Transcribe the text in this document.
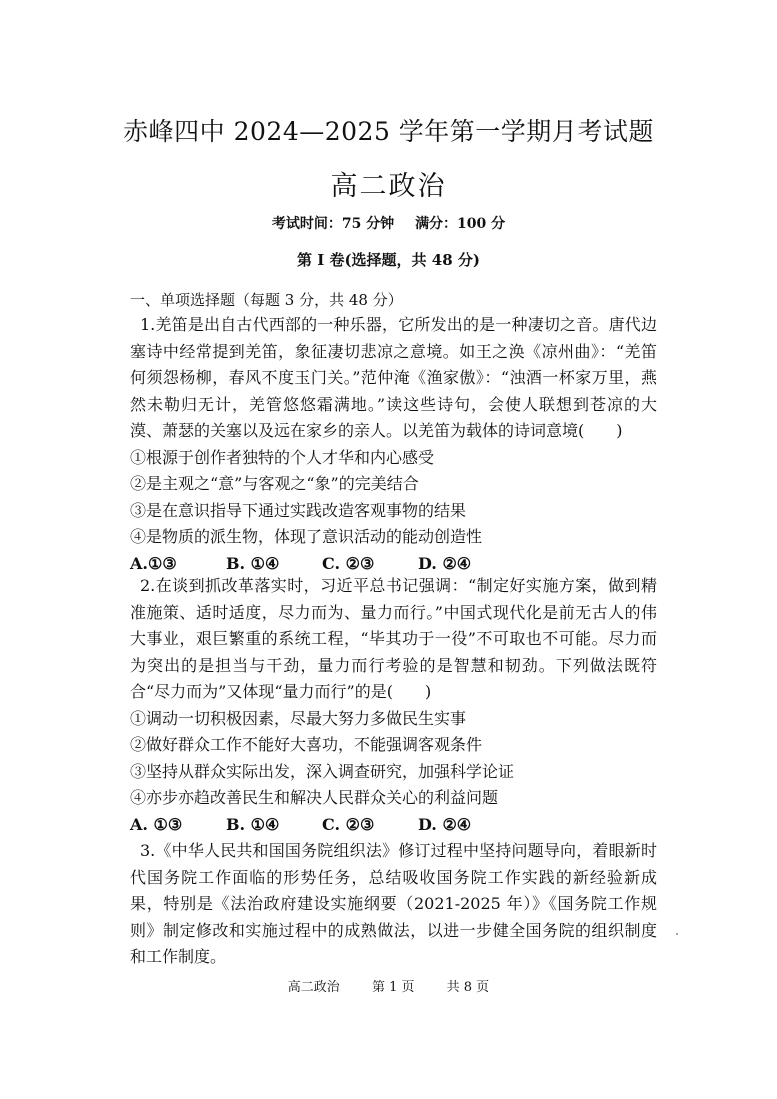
赤峰四中 2024—2025 学年第一学期月考试题
高二政治
考试时间：75 分钟 满分：100 分
第 I 卷(选择题，共 48 分)
一、单项选择题（每题 3 分，共 48 分）

1.羌笛是出自古代西部的一种乐器，它所发出的是一种凄切之音。唐代边塞诗中经常提到羌笛，象征凄切悲凉之意境。如王之涣《凉州曲》：“羌笛何须怨杨柳，春风不度玉门关。”范仲淹《渔家傲》：“浊酒一杯家万里，燕然未勒归无计，羌管悠悠霜满地。”读这些诗句，会使人联想到苍凉的大漠、萧瑟的关塞以及远在家乡的亲人。以羌笛为载体的诗词意境(　　)

①根源于创作者独特的个人才华和内心感受

②是主观之“意”与客观之“象”的完美结合

③是在意识指导下通过实践改造客观事物的结果

④是物质的派生物，体现了意识活动的能动创造性

A.①③	B. ①④	C. ②③	D. ②④

2.在谈到抓改革落实时，习近平总书记强调：“制定好实施方案，做到精准施策、适时适度，尽力而为、量力而行。”中国式现代化是前无古人的伟大事业，艰巨繁重的系统工程，“毕其功于一役”不可取也不可能。尽力而为突出的是担当与干劲，量力而行考验的是智慧和韧劲。下列做法既符合“尽力而为”又体现“量力而行”的是(　　)

①调动一切积极因素，尽最大努力多做民生实事

②做好群众工作不能好大喜功，不能强调客观条件

③坚持从群众实际出发，深入调查研究，加强科学论证

④亦步亦趋改善民生和解决人民群众关心的利益问题

A. ①③	B. ①④	C. ②③	D. ②④

3.《中华人民共和国国务院组织法》修订过程中坚持问题导向，着眼新时代国务院工作面临的形势任务，总结吸收国务院工作实践的新经验新成果，特别是《法治政府建设实施纲要（2021-2025 年）》《国务院工作规则》制定修改和实施过程中的成熟做法，以进一步健全国务院的组织制度和工作制度。

高二政治 第 1 页 共 8 页
